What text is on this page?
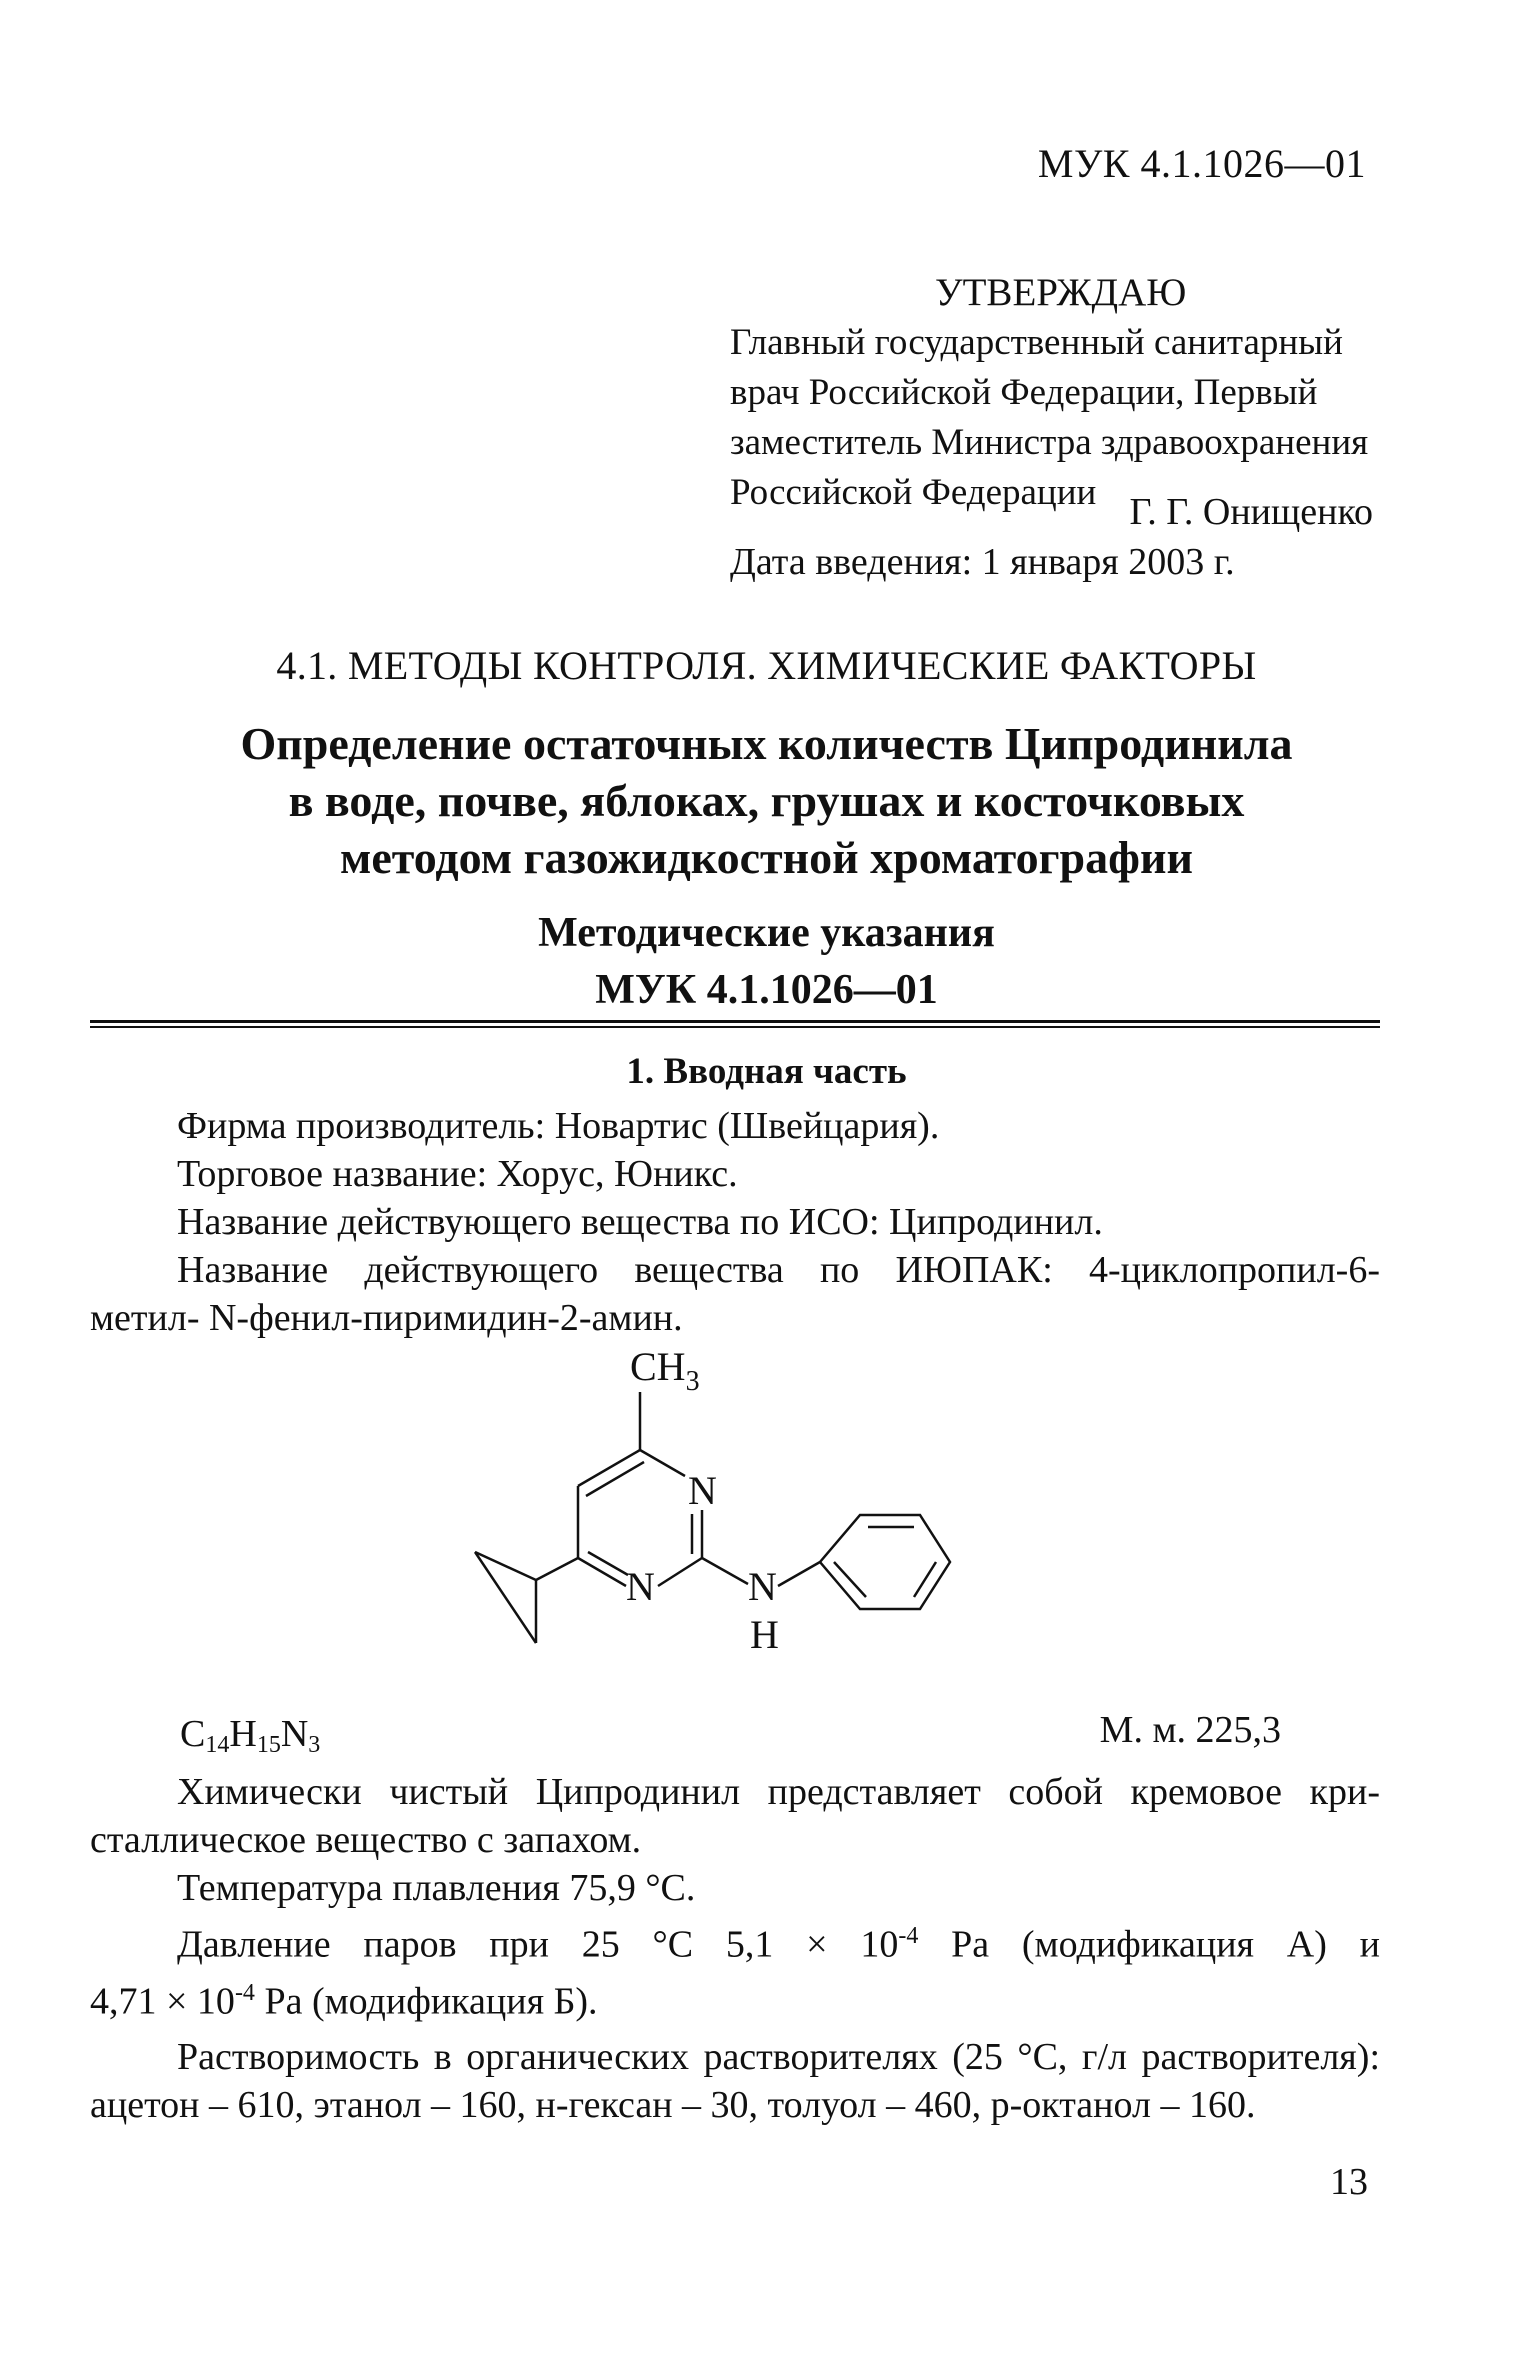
МУК 4.1.1026—01
УТВЕРЖДАЮ
Главный государственный санитарный
врач Российской Федерации, Первый
заместитель Министра здравоохранения
Российской Федерации Г. Г. Онищенко
Дата введения: 1 января 2003 г.
4.1. МЕТОДЫ КОНТРОЛЯ. ХИМИЧЕСКИЕ ФАКТОРЫ
Определение остаточных количеств Ципродинила
в воде, почве, яблоках, грушах и косточковых
методом газожидкостной хроматографии
Методические указания
МУК 4.1.1026—01
1. Вводная часть

Фирма производитель: Новартис (Швейцария).

Торговое название: Хорус, Юникс.

Название действующего вещества по ИСО: Ципродинил.

Название действующего вещества по ИЮПАК: 4-циклопропил-6-

метил- N-фенил-пиримидин-2-амин.

$CH_3$
N
N N
H
$C_{14}H_{15}N_3$	М. м. 225,3

Химически чистый Ципродинил представляет собой кремовое кри-

сталлическое вещество с запахом.

Температура плавления 75,9 °С.

Давление паров при 25 °С $5,1 \times 10^{-4}$ Ра (модификация А) и

$4,71 \times 10^{-4}$ Ра (модификация Б).

Растворимость в органических растворителях (25 °С, г/л растворителя):

ацетон – 610, этанол – 160, н-гексан – 30, толуол – 460, р-октанол – 160.

13
